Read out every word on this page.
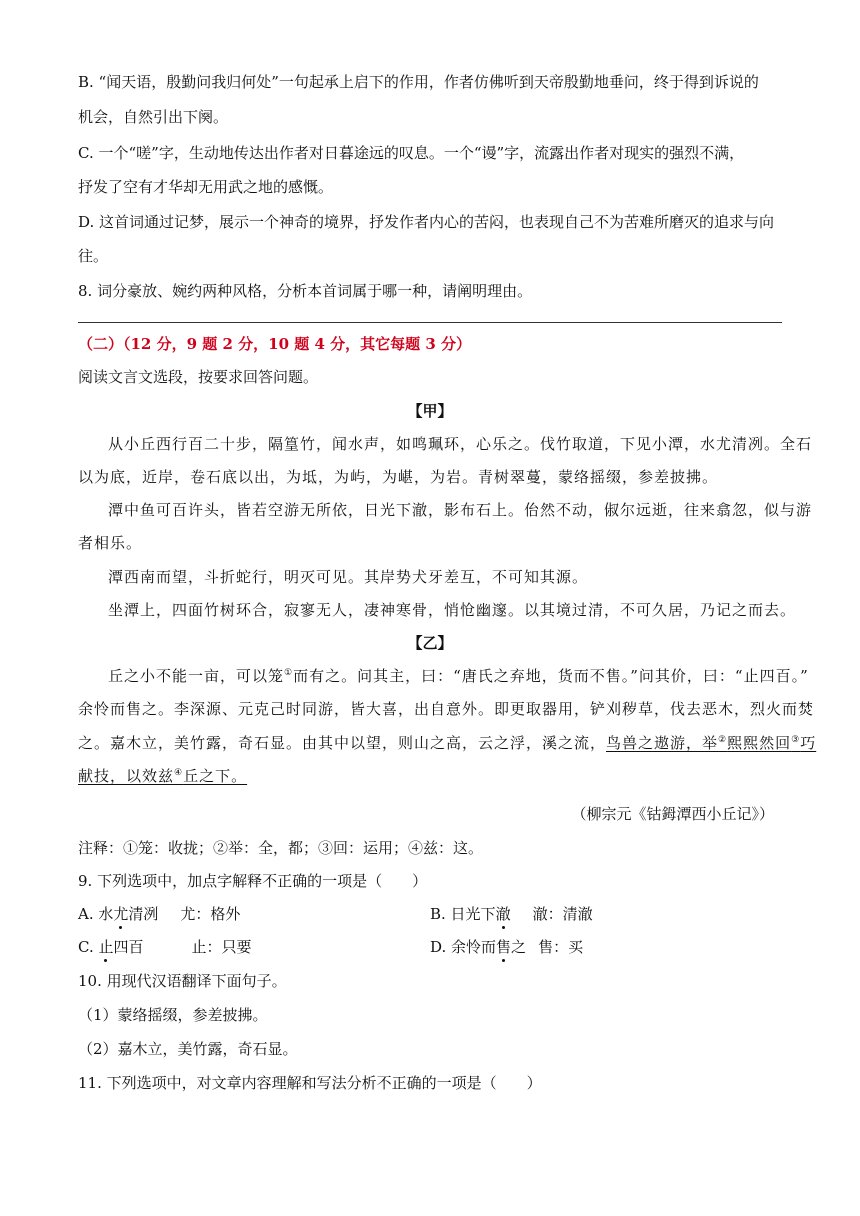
B. “闻天语，殷勤问我归何处”一句起承上启下的作用，作者仿佛听到天帝殷勤地垂问，终于得到诉说的
机会，自然引出下阕。
C. 一个“嗟”字，生动地传达出作者对日暮途远的叹息。一个“谩”字，流露出作者对现实的强烈不满，
抒发了空有才华却无用武之地的感慨。
D. 这首词通过记梦，展示一个神奇的境界，抒发作者内心的苦闷，也表现自己不为苦难所磨灭的追求与向
往。
8. 词分豪放、婉约两种风格，分析本首词属于哪一种，请阐明理由。
（二）（12 分，9 题 2 分，10 题 4 分，其它每题 3 分）
阅读文言文选段，按要求回答问题。
【甲】
从小丘西行百二十步，隔篁竹，闻水声，如鸣珮环，心乐之。伐竹取道，下见小潭，水尤清冽。全石
以为底，近岸，卷石底以出，为坻，为屿，为嵁，为岩。青树翠蔓，蒙络摇缀，参差披拂。
潭中鱼可百许头，皆若空游无所依，日光下澈，影布石上。佁然不动，俶尔远逝，往来翕忽，似与游
者相乐。
潭西南而望，斗折蛇行，明灭可见。其岸势犬牙差互，不可知其源。
坐潭上，四面竹树环合，寂寥无人，凄神寒骨，悄怆幽邃。以其境过清，不可久居，乃记之而去。
【乙】
丘之小不能一亩，可以笼①而有之。问其主，曰：“唐氏之弃地，货而不售。”问其价，曰：“止四百。”
余怜而售之。李深源、元克己时同游，皆大喜，出自意外。即更取器用，铲刈秽草，伐去恶木，烈火而焚
之。嘉木立，美竹露，奇石显。由其中以望，则山之高，云之浮，溪之流，鸟兽之遨游，举②熙熙然回③巧
献技，以效兹④丘之下。
（柳宗元《钴鉧潭西小丘记》）
注释：①笼：收拢；②举：全，都；③回：运用；④兹：这。
9. 下列选项中，加点字解释不正确的一项是（　　）
A. 水尤清冽 尤：格外	B. 日光下澈 澈：清澈
C. 止四百	止：只要	D. 余怜而售之 售：买
10. 用现代汉语翻译下面句子。
（1）蒙络摇缀，参差披拂。
（2）嘉木立，美竹露，奇石显。
11. 下列选项中，对文章内容理解和写法分析不正确的一项是（　　）
